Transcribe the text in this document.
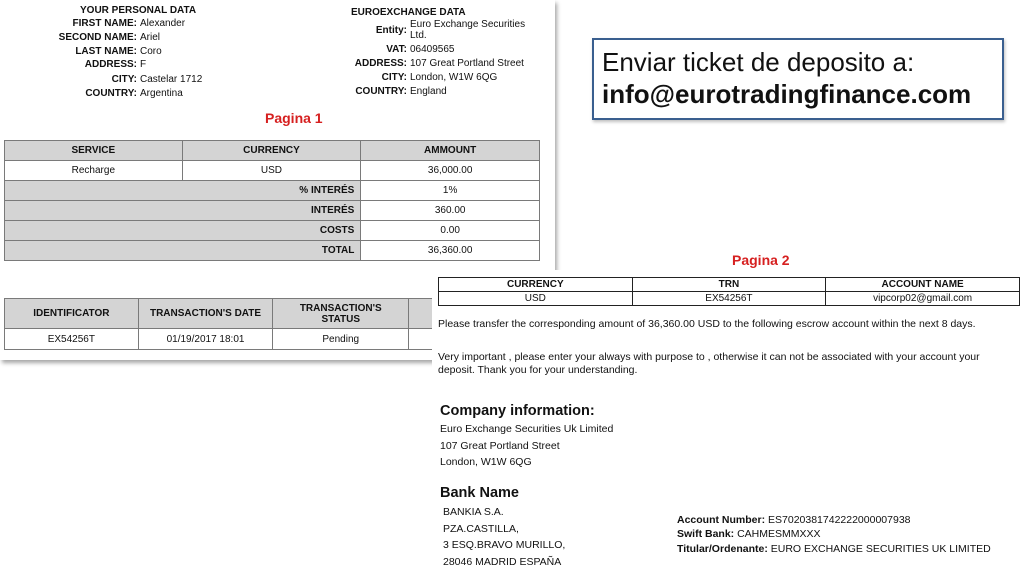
YOUR PERSONAL DATA
FIRST NAME: Alexander
SECOND NAME: Ariel
LAST NAME: Coro
ADDRESS: F
CITY: Castelar 1712
COUNTRY: Argentina
EUROEXCHANGE DATA
Entity:
Euro Exchange Securities
Ltd.
VAT: 06409565
ADDRESS: 107 Great Portland Street
CITY: London, W1W 6QG
COUNTRY: England
Pagina 1
SERVICE	CURRENCY	AMMOUNT
Recharge	USD	36,000.00
% INTERÉS		1%
INTERÉS		360.00
COSTS		0.00
TOTAL		36,360.00
IDENTIFICATOR	TRANSACTION'S DATE	TRANSACTION'S STATUS	
EX54256T	01/19/2017 18:01	Pending	
Enviar ticket de deposito a:
info@eurotradingfinance.com
Pagina 2
CURRENCY	TRN	ACCOUNT NAME
USD	EX54256T	vipcorp02@gmail.com
Please transfer the corresponding amount of 36,360.00 USD to the following escrow account within the next 8 days.
Very important , please enter your always with purpose to , otherwise it can not be associated with your account your
deposit. Thank you for your understanding.
Company information:
Euro Exchange Securities Uk Limited
107 Great Portland Street
London, W1W 6QG
Bank Name
BANKIA S.A.
PZA.CASTILLA,
3 ESQ.BRAVO MURILLO,
28046 MADRID ESPAÑA
Account Number: ES7020381742222000007938
Swift Bank: CAHMESMMXXX
Titular/Ordenante: EURO EXCHANGE SECURITIES UK LIMITED
